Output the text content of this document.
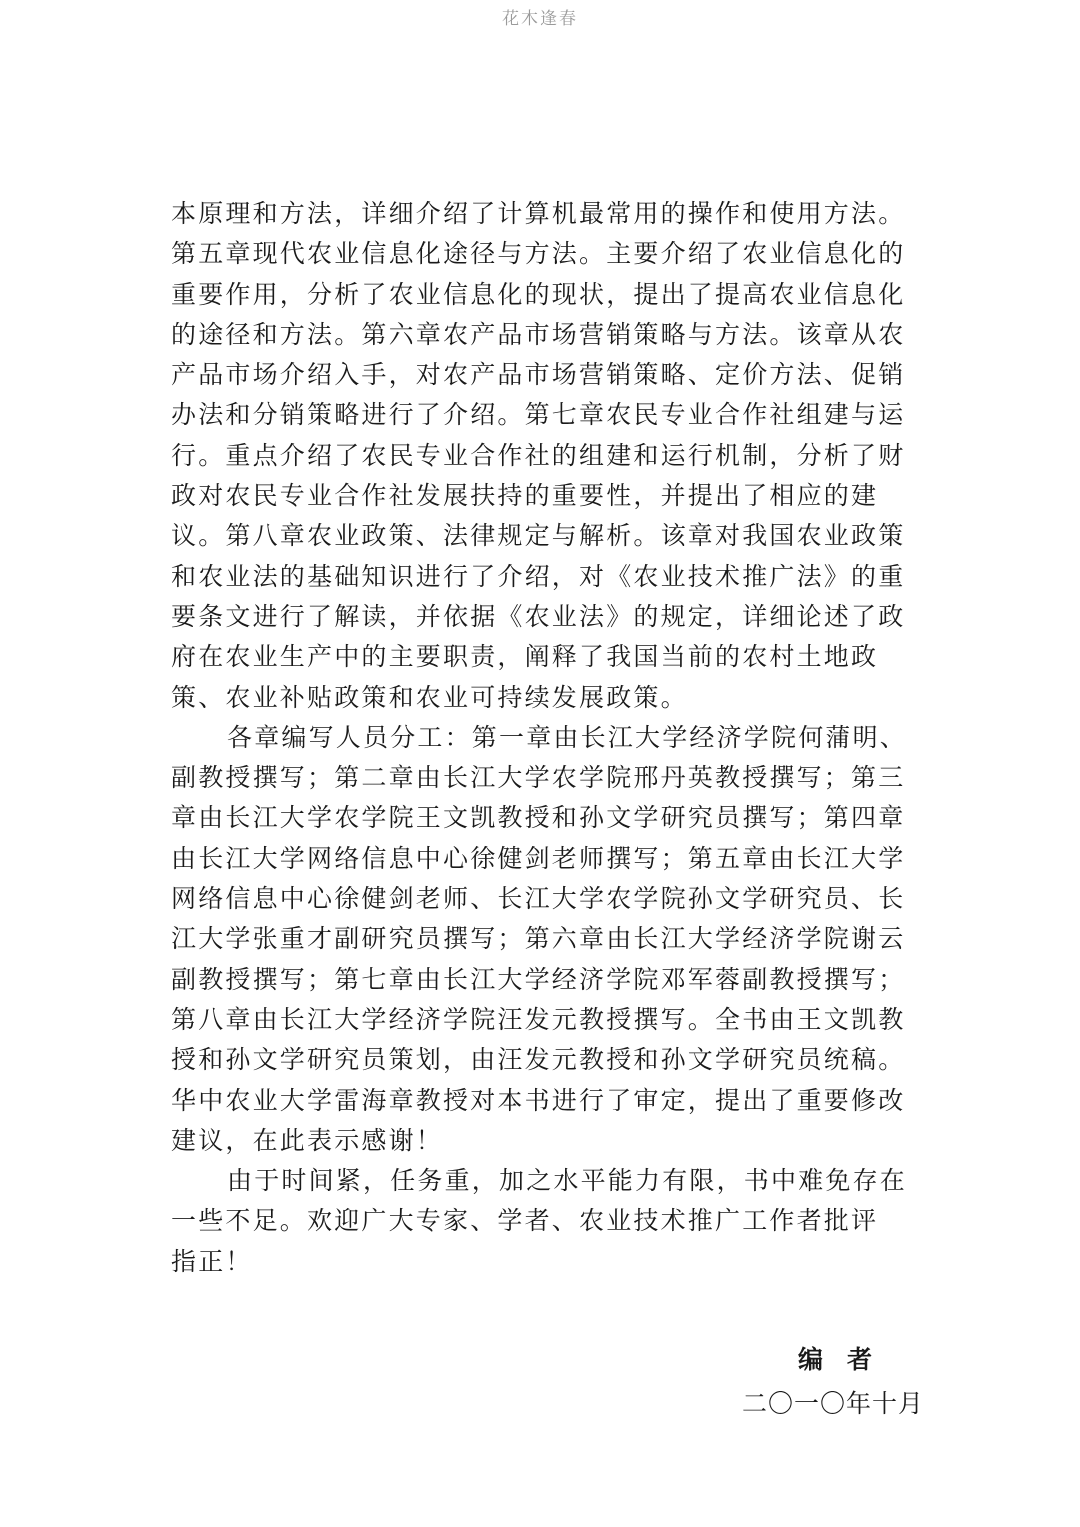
花木逢春

本原理和方法，详细介绍了计算机最常用的操作和使用方法。
第五章现代农业信息化途径与方法。主要介绍了农业信息化的
重要作用，分析了农业信息化的现状，提出了提高农业信息化
的途径和方法。第六章农产品市场营销策略与方法。该章从农
产品市场介绍入手，对农产品市场营销策略、定价方法、促销
办法和分销策略进行了介绍。第七章农民专业合作社组建与运
行。重点介绍了农民专业合作社的组建和运行机制，分析了财
政对农民专业合作社发展扶持的重要性，并提出了相应的建
议。第八章农业政策、法律规定与解析。该章对我国农业政策
和农业法的基础知识进行了介绍，对《农业技术推广法》的重
要条文进行了解读，并依据《农业法》的规定，详细论述了政
府在农业生产中的主要职责，阐释了我国当前的农村土地政
策、农业补贴政策和农业可持续发展政策。

各章编写人员分工：第一章由长江大学经济学院何蒲明、
副教授撰写；第二章由长江大学农学院邢丹英教授撰写；第三
章由长江大学农学院王文凯教授和孙文学研究员撰写；第四章
由长江大学网络信息中心徐健剑老师撰写；第五章由长江大学
网络信息中心徐健剑老师、长江大学农学院孙文学研究员、长
江大学张重才副研究员撰写；第六章由长江大学经济学院谢云
副教授撰写；第七章由长江大学经济学院邓军蓉副教授撰写；
第八章由长江大学经济学院汪发元教授撰写。全书由王文凯教
授和孙文学研究员策划，由汪发元教授和孙文学研究员统稿。
华中农业大学雷海章教授对本书进行了审定，提出了重要修改
建议，在此表示感谢！

由于时间紧，任务重，加之水平能力有限，书中难免存在
一些不足。欢迎广大专家、学者、农业技术推广工作者批评
指正！

编者
二〇一〇年十月
